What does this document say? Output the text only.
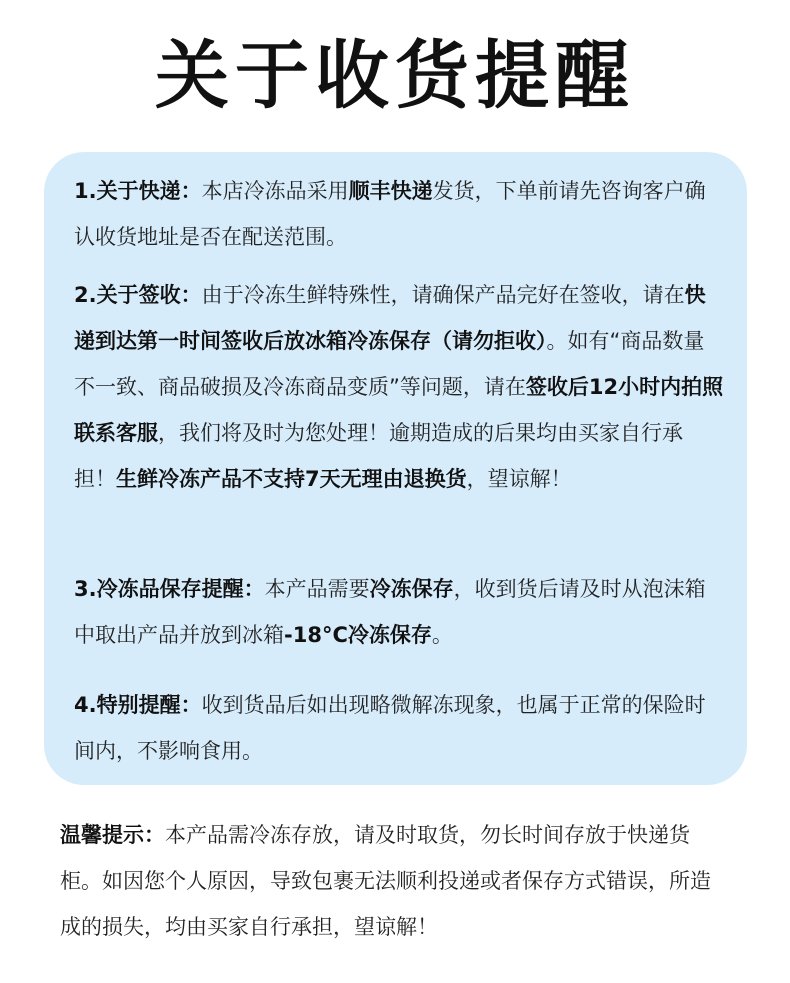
关于收货提醒
1.关于快递：本店冷冻品采用顺丰快递发货，下单前请先咨询客户确认收货地址是否在配送范围。
2.关于签收：由于冷冻生鲜特殊性，请确保产品完好在签收，请在快递到达第一时间签收后放冰箱冷冻保存（请勿拒收）。如有“商品数量不一致、商品破损及冷冻商品变质”等问题，请在签收后12小时内拍照联系客服，我们将及时为您处理！逾期造成的后果均由买家自行承担！生鲜冷冻产品不支持7天无理由退换货，望谅解！
3.冷冻品保存提醒：本产品需要冷冻保存，收到货后请及时从泡沫箱中取出产品并放到冰箱-18°C冷冻保存。
4.特别提醒：收到货品后如出现略微解冻现象，也属于正常的保险时间内，不影响食用。
温馨提示：本产品需冷冻存放，请及时取货，勿长时间存放于快递货柜。如因您个人原因，导致包裹无法顺利投递或者保存方式错误，所造成的损失，均由买家自行承担，望谅解！
